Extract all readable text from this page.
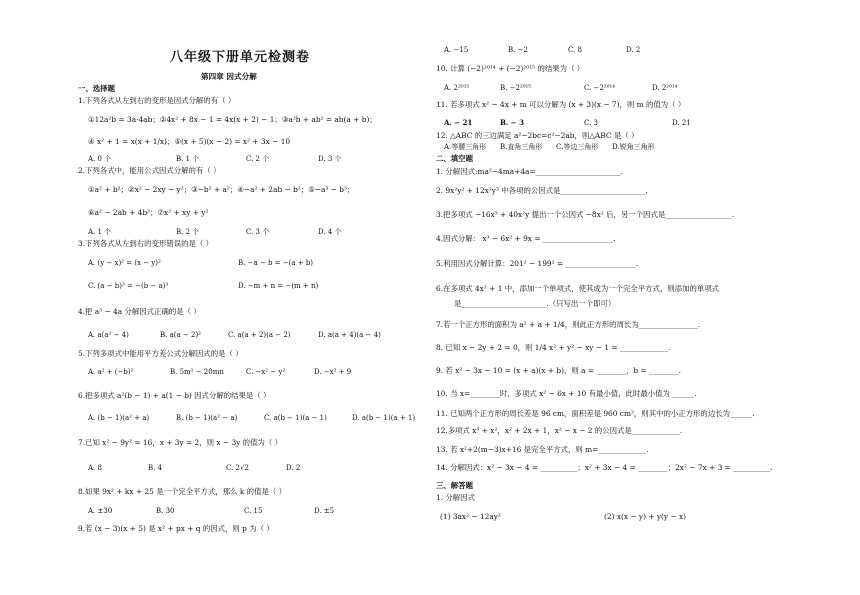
八年级下册单元检测卷
第四章 因式分解
一、选择题
1.下列各式从左到右的变形是因式分解的有（ ）
①12a²b = 3a·4ab；②4x² + 8x − 1 = 4x(x + 2) − 1；③a²b + ab² = ab(a + b)；
④ x² + 1 = x(x + 1/x)；⑤(x + 5)(x − 2) = x² + 3x − 10
A. 0 个	B. 1 个	C. 2 个	D. 3 个
2.下列各式中，能用公式因式分解的有（ ）
①a² + b²；②x² − 2xy − y²；③−b² + a²；④−a² + 2ab − b²；⑤−a³ − b³；
⑥a² − 2ab + 4b²；⑦x² + xy + y²
A. 1 个	B. 2 个	C. 3 个	D. 4 个
3.下列各式从左到右的变形错误的是（ ）
A. (y − x)² = (x − y)²	B. −a − b = −(a + b)
C. (a − b)³ = −(b − a)³	D. −m + n = −(m + n)
4.把 a³ − 4a 分解因式正确的是（ ）
A. a(a² − 4)	B. a(a − 2)²	C. a(a + 2)(a − 2)	D. a(a + 4)(a − 4)
5.下列多项式中能用平方差公式分解因式的是（ ）
A. a² + (−b)²	B. 5m² − 20mn	C. −x² − y²	D. −x² + 9
6.把多项式 a²(b − 1) + a(1 − b) 因式分解的结果是（ ）
A. (b − 1)(a² + a)	B. (b − 1)(a² − a)	C. a(b − 1)(a − 1)	D. a(b − 1)(a + 1)
7.已知 x² − 9y² = 16，x + 3y = 2，则 x − 3y 的值为（ ）
A. 8	B. 4	C. 2√2	D. 2
8.如果 9x² + kx + 25 是一个完全平方式，那么 k 的值是（ ）
A. ±30	B. 30	C. 15	D. ±5
9.若 (x − 3)(x + 5) 是 x² + px + q 的因式，则 p 为（ ）
A. −15	B. −2	C. 8	D. 2
10. 计算 (−2)²⁰¹⁴ + (−2)²⁰¹⁵ 的结果为（ ）
A. 2²⁰¹⁵	B. −2²⁰¹⁵	C. −2²⁰¹⁴	D. 2²⁰¹⁴
11. 若多项式 x² − 4x + m 可以分解为 (x + 3)(x − 7)，则 m 的值为（ ）
A. − 21	B. − 3	C. 3	D. 21
12. △ABC 的三边满足 a²−2bc=c²−2ab，则△ABC 是（ ）
A.等腰三角形 B.直角三角形 C.等边三角形 D.锐角三角形
二、填空题
1. 分解因式:ma²−4ma+4a=_______________________.
2. 9x²y² + 12x²y³ 中各项的公因式是_______________________.
3.把多项式 −16x³ + 40x²y 提出一个公因式 −8x² 后，另一个因式是__________________.
4.因式分解： x³ − 6x² + 9x = ___________________.
5.利用因式分解计算：201² − 199² = ___________________.
6.在多项式 4x² + 1 中，添加一个单项式，使其成为一个完全平方式，则添加的单项式
是_______________________.（只写出一个即可）
7.若一个正方形的面积为 a² + a + 1/4，则此正方形的周长为________________.
8. 已知 x − 2y + 2 = 0，则 1/4 x² + y² − xy − 1 = _____________.
9. 若 x² − 3x − 10 = (x + a)(x + b)，则 a = ________，b = ________.
10. 当 x=________时，多项式 x² − 6x + 10 有最小值，此时最小值为 ______.
11. 已知两个正方形的周长差是 96 cm，面积差是 960 cm²，则其中的小正方形的边长为______.
12.多项式 x³ + x²，x² + 2x + 1，x² − x − 2 的公因式是_____________.
13. 若 x²+2(m−3)x+16 是完全平方式，则 m=_____________.
14. 分解因式：x² − 3x − 4 = __________；x² + 3x − 4 = ________；2x² − 7x + 3 = __________.
三、解答题
1. 分解因式
(1) 3ax² − 12ay²	(2) x(x − y) + y(y − x)
